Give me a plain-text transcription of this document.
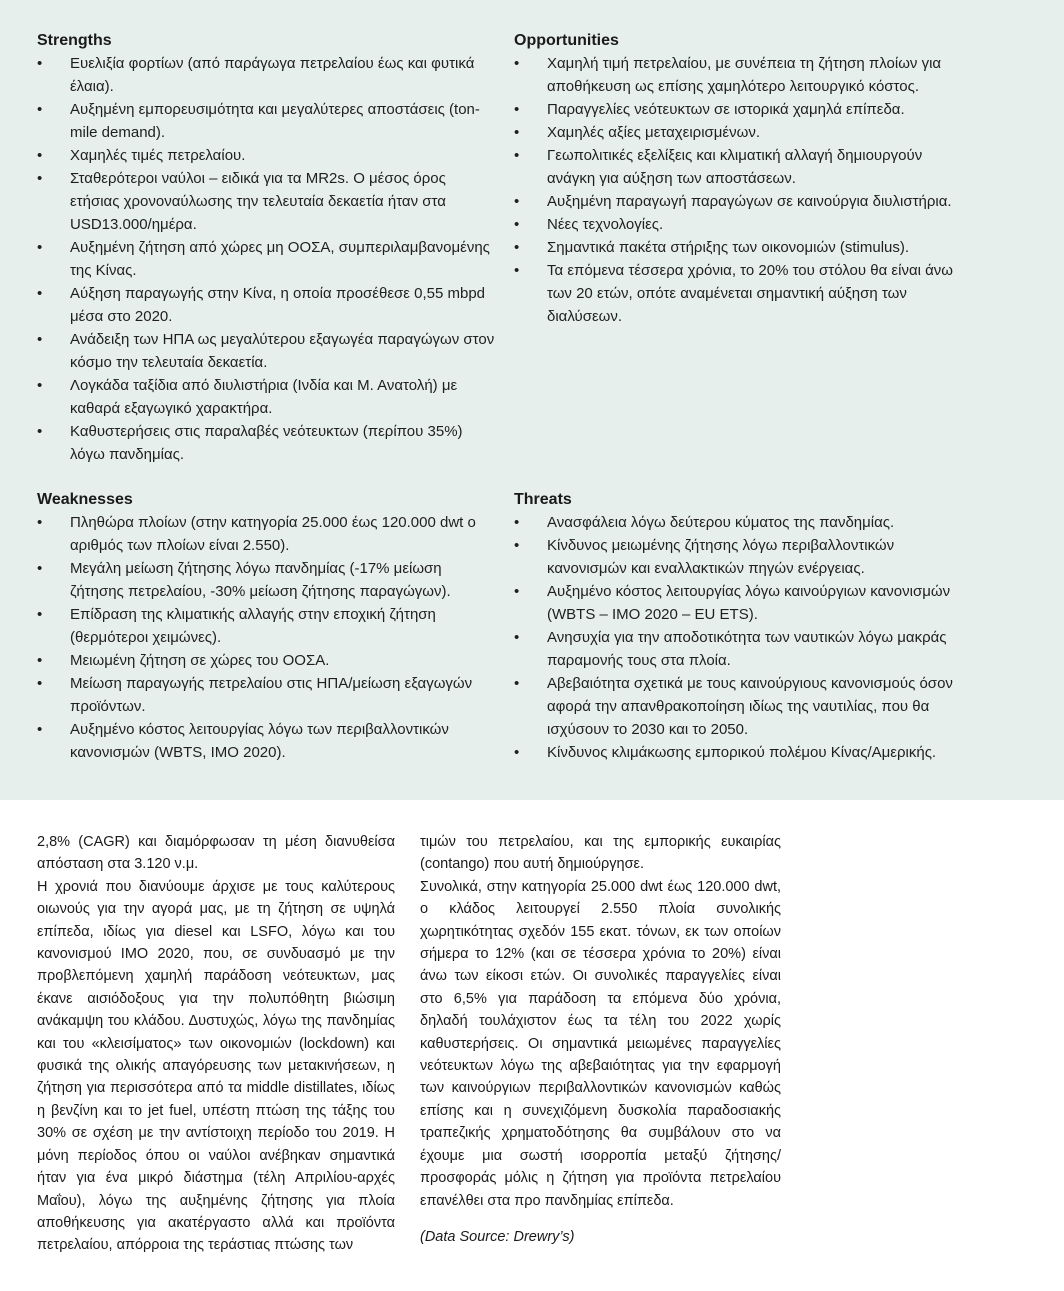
Strengths
• Ευελιξία φορτίων (από παράγωγα πετρελαίου έως και φυτικά έλαια).
• Αυξημένη εμπορευσιμότητα και μεγαλύτερες αποστάσεις (ton-mile demand).
• Χαμηλές τιμές πετρελαίου.
• Σταθερότεροι ναύλοι – ειδικά για τα MR2s. Ο μέσος όρος ετήσιας χρονοναύλωσης την τελευταία δεκαετία ήταν στα USD13.000/ημέρα.
• Αυξημένη ζήτηση από χώρες μη ΟΟΣΑ, συμπεριλαμβανομένης της Κίνας.
• Αύξηση παραγωγής στην Κίνα, η οποία προσέθεσε 0,55 mbpd μέσα στο 2020.
• Ανάδειξη των ΗΠΑ ως μεγαλύτερου εξαγωγέα παραγώγων στον κόσμο την τελευταία δεκαετία.
• Λογκάδα ταξίδια από διυλιστήρια (Ινδία και Μ. Ανατολή) με καθαρά εξαγωγικό χαρακτήρα.
• Καθυστερήσεις στις παραλαβές νεότευκτων (περίπου 35%) λόγω πανδημίας.
Opportunities
• Χαμηλή τιμή πετρελαίου, με συνέπεια τη ζήτηση πλοίων για αποθήκευση ως επίσης χαμηλότερο λειτουργικό κόστος.
• Παραγγελίες νεότευκτων σε ιστορικά χαμηλά επίπεδα.
• Χαμηλές αξίες μεταχειρισμένων.
• Γεωπολιτικές εξελίξεις και κλιματική αλλαγή δημιουργούν ανάγκη για αύξηση των αποστάσεων.
• Αυξημένη παραγωγή παραγώγων σε καινούργια διυλιστήρια.
• Νέες τεχνολογίες.
• Σημαντικά πακέτα στήριξης των οικονομιών (stimulus).
• Τα επόμενα τέσσερα χρόνια, το 20% του στόλου θα είναι άνω των 20 ετών, οπότε αναμένεται σημαντική αύξηση των διαλύσεων.
Weaknesses
• Πληθώρα πλοίων (στην κατηγορία 25.000 έως 120.000 dwt ο αριθμός των πλοίων είναι 2.550).
• Μεγάλη μείωση ζήτησης λόγω πανδημίας (-17% μείωση ζήτησης πετρελαίου, -30% μείωση ζήτησης παραγώγων).
• Επίδραση της κλιματικής αλλαγής στην εποχική ζήτηση (θερμότεροι χειμώνες).
• Μειωμένη ζήτηση σε χώρες του ΟΟΣΑ.
• Μείωση παραγωγής πετρελαίου στις ΗΠΑ/μείωση εξαγωγών προϊόντων.
• Αυξημένο κόστος λειτουργίας λόγω των περιβαλλοντικών κανονισμών (WBTS, IMO 2020).
Threats
• Ανασφάλεια λόγω δεύτερου κύματος της πανδημίας.
• Κίνδυνος μειωμένης ζήτησης λόγω περιβαλλοντικών κανονισμών και εναλλακτικών πηγών ενέργειας.
• Αυξημένο κόστος λειτουργίας λόγω καινούργιων κανονισμών (WBTS – IMO 2020 – EU ETS).
• Ανησυχία για την αποδοτικότητα των ναυτικών λόγω μακράς παραμονής τους στα πλοία.
• Αβεβαιότητα σχετικά με τους καινούργιους κανονισμούς όσον αφορά την απανθρακοποίηση ιδίως της ναυτιλίας, που θα ισχύσουν το 2030 και το 2050.
• Κίνδυνος κλιμάκωσης εμπορικού πολέμου Κίνας/Αμερικής.

2,8% (CAGR) και διαμόρφωσαν τη μέση διανυθείσα απόσταση στα 3.120 ν.μ.

Η χρονιά που διανύουμε άρχισε με τους καλύτερους οιωνούς για την αγορά μας, με τη ζήτηση σε υψηλά επίπεδα, ιδίως για diesel και LSFO, λόγω και του κανονισμού IMO 2020, που, σε συνδυασμό με την προβλεπόμενη χαμηλή παράδοση νεότευκτων, μας έκανε αισιόδοξους για την πολυπόθητη βιώσιμη ανάκαμψη του κλάδου. Δυστυχώς, λόγω της πανδημίας και του «κλεισίματος» των οικονομιών (lockdown) και φυσικά της ολικής απαγόρευσης των μετακινήσεων, η ζήτηση για περισσότερα από τα middle distillates, ιδίως η βενζίνη και το jet fuel, υπέστη πτώση της τάξης του 30% σε σχέση με την αντίστοιχη περίοδο του 2019. Η μόνη περίοδος όπου οι ναύλοι ανέβηκαν σημαντικά ήταν για ένα μικρό διάστημα (τέλη Απριλίου-αρχές Μαΐου), λόγω της αυξημένης ζήτησης για πλοία αποθήκευσης για ακατέργαστο αλλά και προϊόντα πετρελαίου, απόρροια της τεράστιας πτώσης των

τιμών του πετρελαίου, και της εμπορικής ευκαιρίας (contango) που αυτή δημιούργησε.

Συνολικά, στην κατηγορία 25.000 dwt έως 120.000 dwt, ο κλάδος λειτουργεί 2.550 πλοία συνολικής χωρητικότητας σχεδόν 155 εκατ. τόνων, εκ των οποίων σήμερα το 12% (και σε τέσσερα χρόνια το 20%) είναι άνω των είκοσι ετών. Οι συνολικές παραγγελίες είναι στο 6,5% για παράδοση τα επόμενα δύο χρόνια, δηλαδή τουλάχιστον έως τα τέλη του 2022 χωρίς καθυστερήσεις. Οι σημαντικά μειωμένες παραγγελίες νεότευκτων λόγω της αβεβαιότητας για την εφαρμογή των καινούργιων περιβαλλοντικών κανονισμών καθώς επίσης και η συνεχιζόμενη δυσκολία παραδοσιακής τραπεζικής χρηματοδότησης θα συμβάλουν στο να έχουμε μια σωστή ισορροπία μεταξύ ζήτησης/προσφοράς μόλις η ζήτηση για προϊόντα πετρελαίου επανέλθει στα προ πανδημίας επίπεδα.

(Data Source: Drewry’s)
